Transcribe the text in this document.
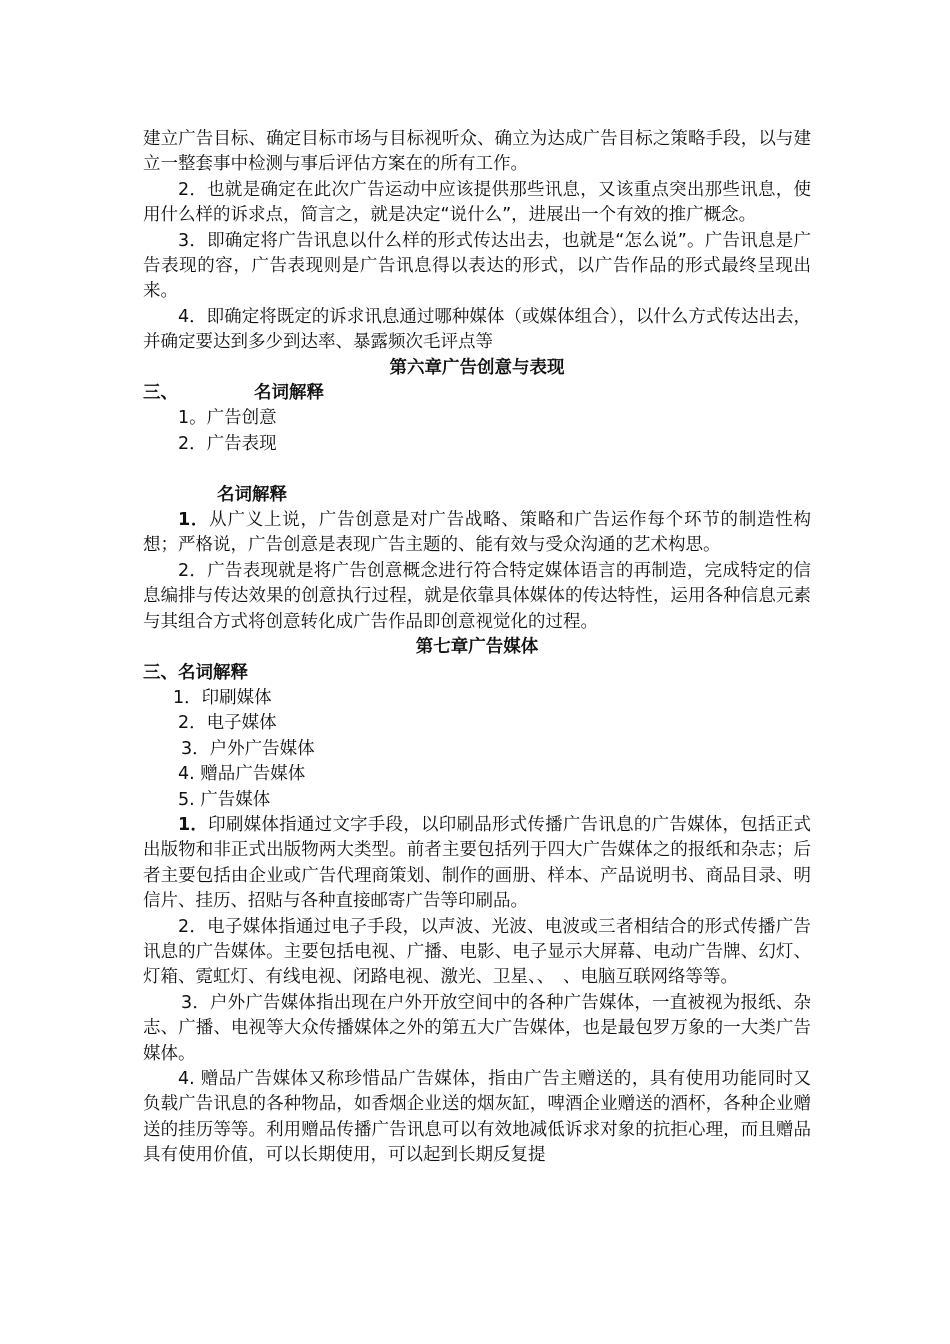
建立广告目标、确定目标市场与目标视听众、确立为达成广告目标之策略手段，以与建立一整套事中检测与事后评估方案在的所有工作。

2．也就是确定在此次广告运动中应该提供那些讯息，又该重点突出那些讯息，使用什么样的诉求点，简言之，就是决定“说什么”，进展出一个有效的推广概念。

3．即确定将广告讯息以什么样的形式传达出去，也就是“怎么说”。广告讯息是广告表现的容，广告表现则是广告讯息得以表达的形式，以广告作品的形式最终呈现出来。

4．即确定将既定的诉求讯息通过哪种媒体（或媒体组合），以什么方式传达出去，并确定要达到多少到达率、暴露频次毛评点等

第六章广告创意与表现

三、	名词解释

1。广告创意

2．广告表现

名词解释

1．从广义上说，广告创意是对广告战略、策略和广告运作每个环节的制造性构想；严格说，广告创意是表现广告主题的、能有效与受众沟通的艺术构思。

2．广告表现就是将广告创意概念进行符合特定媒体语言的再制造，完成特定的信息编排与传达效果的创意执行过程，就是依靠具体媒体的传达特性，运用各种信息元素与其组合方式将创意转化成广告作品即创意视觉化的过程。

第七章广告媒体

三、名词解释

1．印刷媒体

2．电子媒体

3．户外广告媒体

4. 赠品广告媒体

5. 广告媒体

1．印刷媒体指通过文字手段，以印刷品形式传播广告讯息的广告媒体，包括正式出版物和非正式出版物两大类型。前者主要包括列于四大广告媒体之的报纸和杂志；后者主要包括由企业或广告代理商策划、制作的画册、样本、产品说明书、商品目录、明信片、挂历、招贴与各种直接邮寄广告等印刷品。

2．电子媒体指通过电子手段，以声波、光波、电波或三者相结合的形式传播广告讯息的广告媒体。主要包括电视、广播、电影、电子显示大屏幕、电动广告牌、幻灯、灯箱、霓虹灯、有线电视、闭路电视、激光、卫星、、　、电脑互联网络等等。

3．户外广告媒体指出现在户外开放空间中的各种广告媒体，一直被视为报纸、杂志、广播、电视等大众传播媒体之外的第五大广告媒体，也是最包罗万象的一大类广告媒体。

4. 赠品广告媒体又称珍惜品广告媒体，指由广告主赠送的，具有使用功能同时又负载广告讯息的各种物品，如香烟企业送的烟灰缸，啤酒企业赠送的酒杯，各种企业赠送的挂历等等。利用赠品传播广告讯息可以有效地减低诉求对象的抗拒心理，而且赠品具有使用价值，可以长期使用，可以起到长期反复提
